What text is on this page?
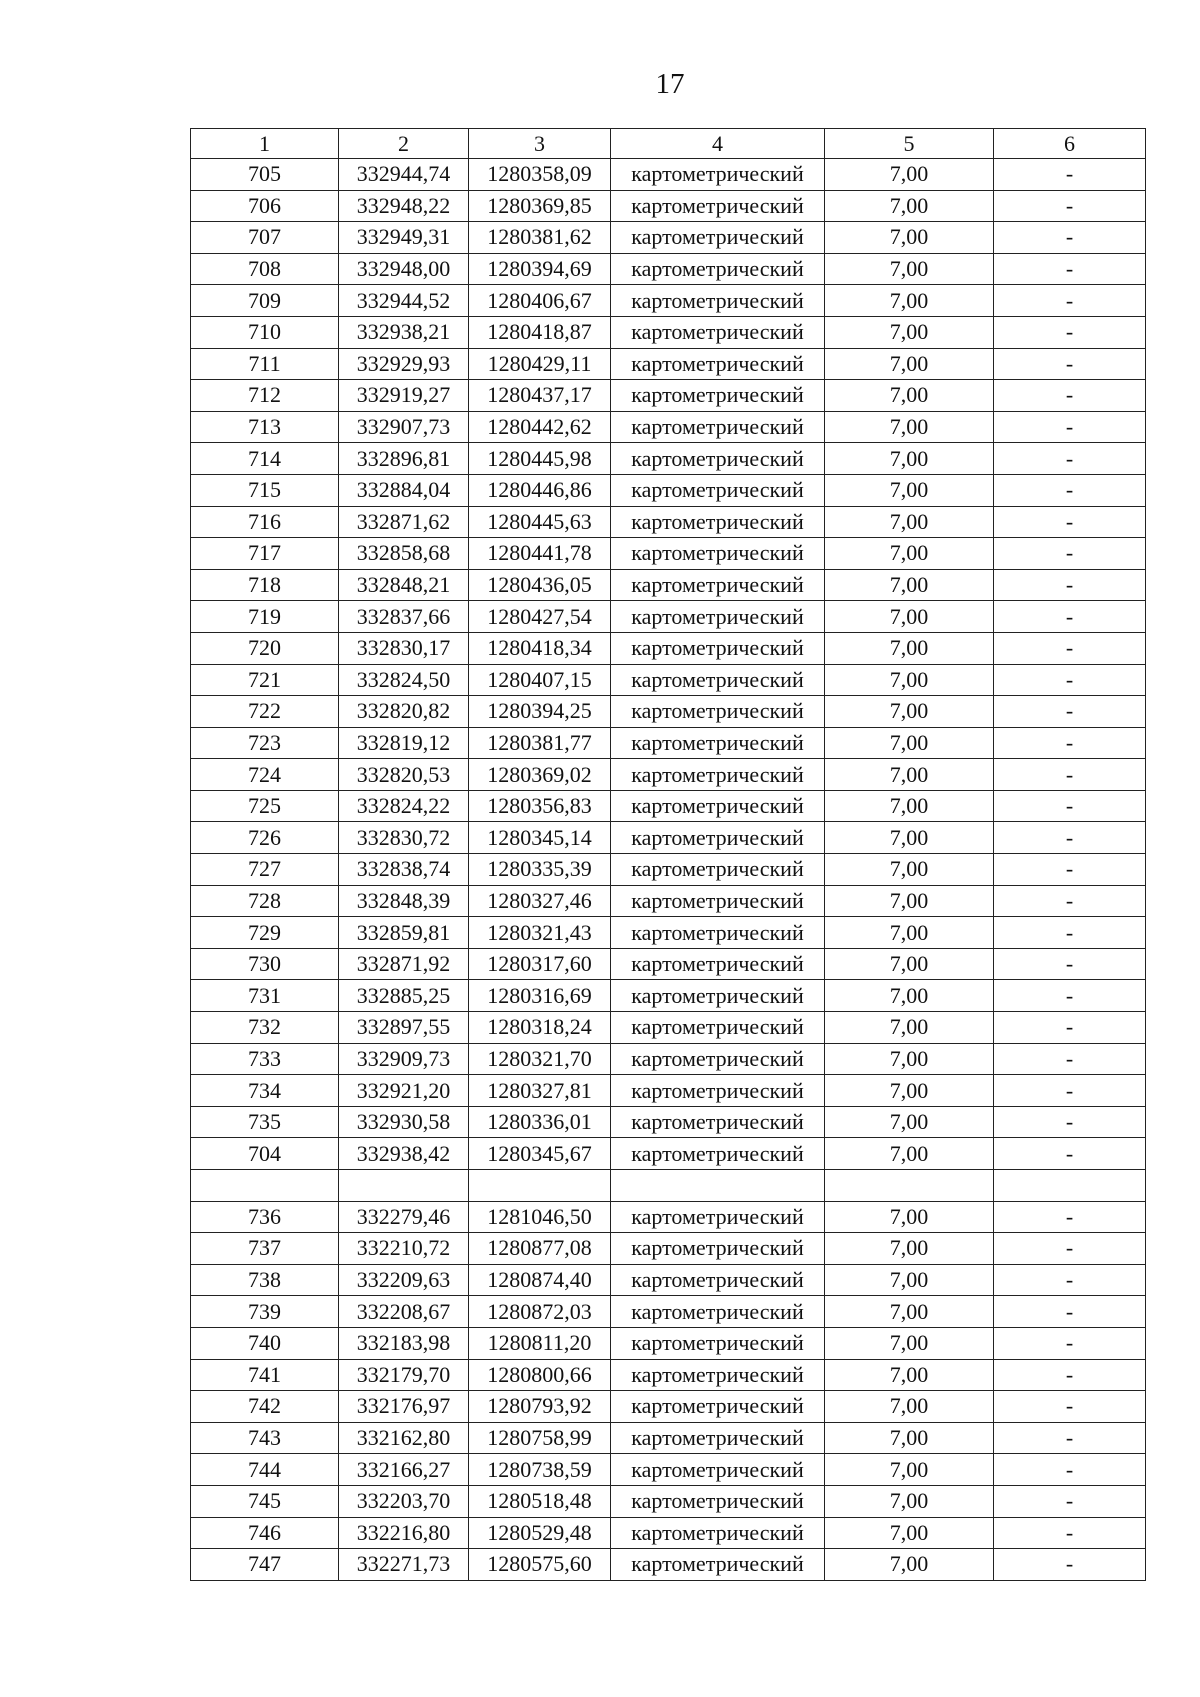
17
1	2	3	4	5	6
705	332944,74	1280358,09	картометрический	7,00	-
706	332948,22	1280369,85	картометрический	7,00	-
707	332949,31	1280381,62	картометрический	7,00	-
708	332948,00	1280394,69	картометрический	7,00	-
709	332944,52	1280406,67	картометрический	7,00	-
710	332938,21	1280418,87	картометрический	7,00	-
711	332929,93	1280429,11	картометрический	7,00	-
712	332919,27	1280437,17	картометрический	7,00	-
713	332907,73	1280442,62	картометрический	7,00	-
714	332896,81	1280445,98	картометрический	7,00	-
715	332884,04	1280446,86	картометрический	7,00	-
716	332871,62	1280445,63	картометрический	7,00	-
717	332858,68	1280441,78	картометрический	7,00	-
718	332848,21	1280436,05	картометрический	7,00	-
719	332837,66	1280427,54	картометрический	7,00	-
720	332830,17	1280418,34	картометрический	7,00	-
721	332824,50	1280407,15	картометрический	7,00	-
722	332820,82	1280394,25	картометрический	7,00	-
723	332819,12	1280381,77	картометрический	7,00	-
724	332820,53	1280369,02	картометрический	7,00	-
725	332824,22	1280356,83	картометрический	7,00	-
726	332830,72	1280345,14	картометрический	7,00	-
727	332838,74	1280335,39	картометрический	7,00	-
728	332848,39	1280327,46	картометрический	7,00	-
729	332859,81	1280321,43	картометрический	7,00	-
730	332871,92	1280317,60	картометрический	7,00	-
731	332885,25	1280316,69	картометрический	7,00	-
732	332897,55	1280318,24	картометрический	7,00	-
733	332909,73	1280321,70	картометрический	7,00	-
734	332921,20	1280327,81	картометрический	7,00	-
735	332930,58	1280336,01	картометрический	7,00	-
704	332938,42	1280345,67	картометрический	7,00	-

736	332279,46	1281046,50	картометрический	7,00	-
737	332210,72	1280877,08	картометрический	7,00	-
738	332209,63	1280874,40	картометрический	7,00	-
739	332208,67	1280872,03	картометрический	7,00	-
740	332183,98	1280811,20	картометрический	7,00	-
741	332179,70	1280800,66	картометрический	7,00	-
742	332176,97	1280793,92	картометрический	7,00	-
743	332162,80	1280758,99	картометрический	7,00	-
744	332166,27	1280738,59	картометрический	7,00	-
745	332203,70	1280518,48	картометрический	7,00	-
746	332216,80	1280529,48	картометрический	7,00	-
747	332271,73	1280575,60	картометрический	7,00	-
